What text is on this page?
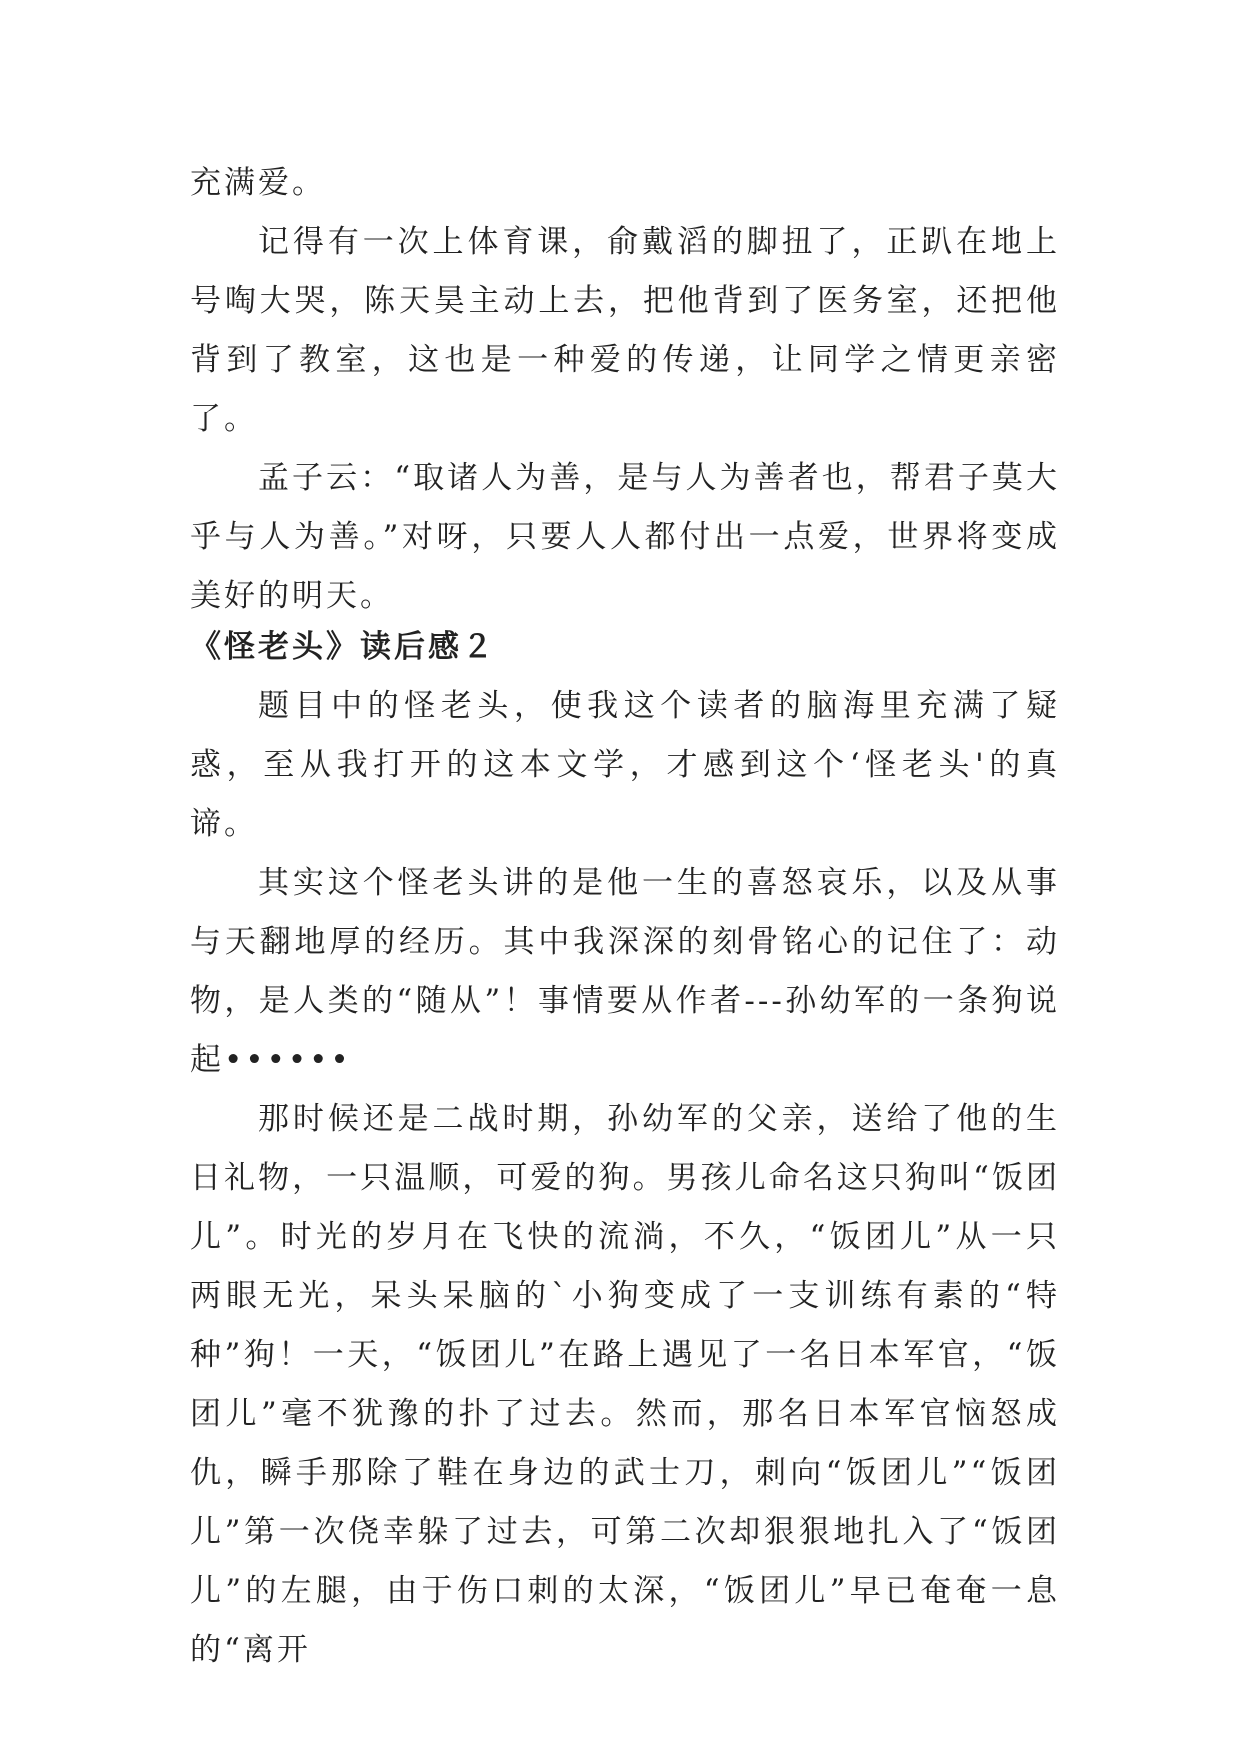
充满爱。

记得有一次上体育课，俞戴滔的脚扭了，正趴在地上号啕大哭，陈天昊主动上去，把他背到了医务室，还把他背到了教室，这也是一种爱的传递，让同学之情更亲密了。

孟子云：“取诸人为善，是与人为善者也，帮君子莫大乎与人为善。”对呀，只要人人都付出一点爱，世界将变成美好的明天。

《怪老头》读后感２

题目中的怪老头，使我这个读者的脑海里充满了疑惑，至从我打开的这本文学，才感到这个‘怪老头'的真谛。

其实这个怪老头讲的是他一生的喜怒哀乐，以及从事与天翻地厚的经历。其中我深深的刻骨铭心的记住了：动物，是人类的“随从”！事情要从作者---孙幼军的一条狗说起••••••

那时候还是二战时期，孙幼军的父亲，送给了他的生日礼物，一只温顺，可爱的狗。男孩儿命名这只狗叫“饭团儿”。时光的岁月在飞快的流淌，不久，“饭团儿”从一只两眼无光，呆头呆脑的`小狗变成了一支训练有素的“特种”狗！一天，“饭团儿”在路上遇见了一名日本军官，“饭团儿”毫不犹豫的扑了过去。然而，那名日本军官恼怒成仇，瞬手那除了鞋在身边的武士刀，刺向“饭团儿”“饭团儿”第一次侥幸躲了过去，可第二次却狠狠地扎入了“饭团儿”的左腿，由于伤口刺的太深，“饭团儿”早已奄奄一息的“离开
